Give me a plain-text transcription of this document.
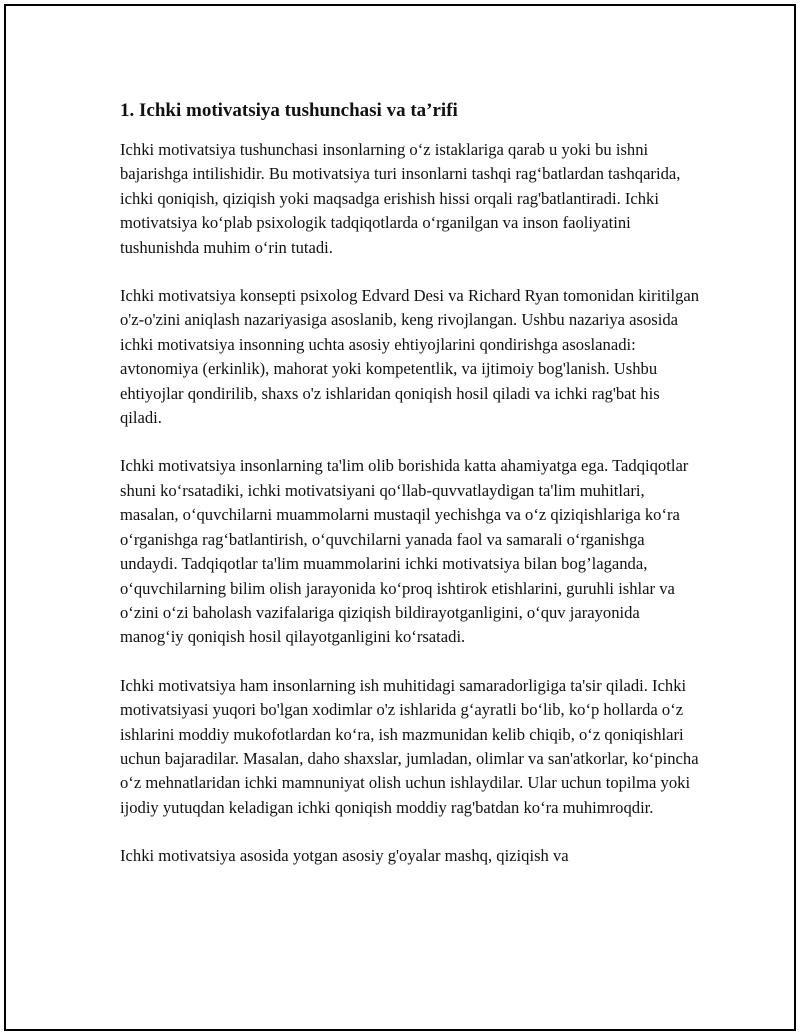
1. Ichki motivatsiya tushunchasi va ta’rifi

Ichki motivatsiya tushunchasi insonlarning o‘z istaklariga qarab u yoki bu ishni bajarishga intilishidir. Bu motivatsiya turi insonlarni tashqi rag‘batlardan tashqarida, ichki qoniqish, qiziqish yoki maqsadga erishish hissi orqali rag'batlantiradi. Ichki motivatsiya ko‘plab psixologik tadqiqotlarda o‘rganilgan va inson faoliyatini tushunishda muhim o‘rin tutadi.

Ichki motivatsiya konsepti psixolog Edvard Desi va Richard Ryan tomonidan kiritilgan o'z-o'zini aniqlash nazariyasiga asoslanib, keng rivojlangan. Ushbu nazariya asosida ichki motivatsiya insonning uchta asosiy ehtiyojlarini qondirishga asoslanadi: avtonomiya (erkinlik), mahorat yoki kompetentlik, va ijtimoiy bog'lanish. Ushbu ehtiyojlar qondirilib, shaxs o'z ishlaridan qoniqish hosil qiladi va ichki rag'bat his qiladi.

Ichki motivatsiya insonlarning ta'lim olib borishida katta ahamiyatga ega. Tadqiqotlar shuni ko‘rsatadiki, ichki motivatsiyani qo‘llab-quvvatlaydigan ta'lim muhitlari, masalan, o‘quvchilarni muammolarni mustaqil yechishga va o‘z qiziqishlariga ko‘ra o‘rganishga rag‘batlantirish, o‘quvchilarni yanada faol va samarali o‘rganishga undaydi. Tadqiqotlar ta'lim muammolarini ichki motivatsiya bilan bog’laganda, o‘quvchilarning bilim olish jarayonida ko‘proq ishtirok etishlarini, guruhli ishlar va o‘zini o‘zi baholash vazifalariga qiziqish bildirayotganligini, o‘quv jarayonida manog‘iy qoniqish hosil qilayotganligini ko‘rsatadi.

Ichki motivatsiya ham insonlarning ish muhitidagi samaradorligiga ta'sir qiladi. Ichki motivatsiyasi yuqori bo'lgan xodimlar o'z ishlarida g‘ayratli bo‘lib, ko‘p hollarda o‘z ishlarini moddiy mukofotlardan ko‘ra, ish mazmunidan kelib chiqib, o‘z qoniqishlari uchun bajaradilar. Masalan, daho shaxslar, jumladan, olimlar va san'atkorlar, ko‘pincha o‘z mehnatlaridan ichki mamnuniyat olish uchun ishlaydilar. Ular uchun topilma yoki ijodiy yutuqdan keladigan ichki qoniqish moddiy rag'batdan ko‘ra muhimroqdir.

Ichki motivatsiya asosida yotgan asosiy g'oyalar mashq, qiziqish va
